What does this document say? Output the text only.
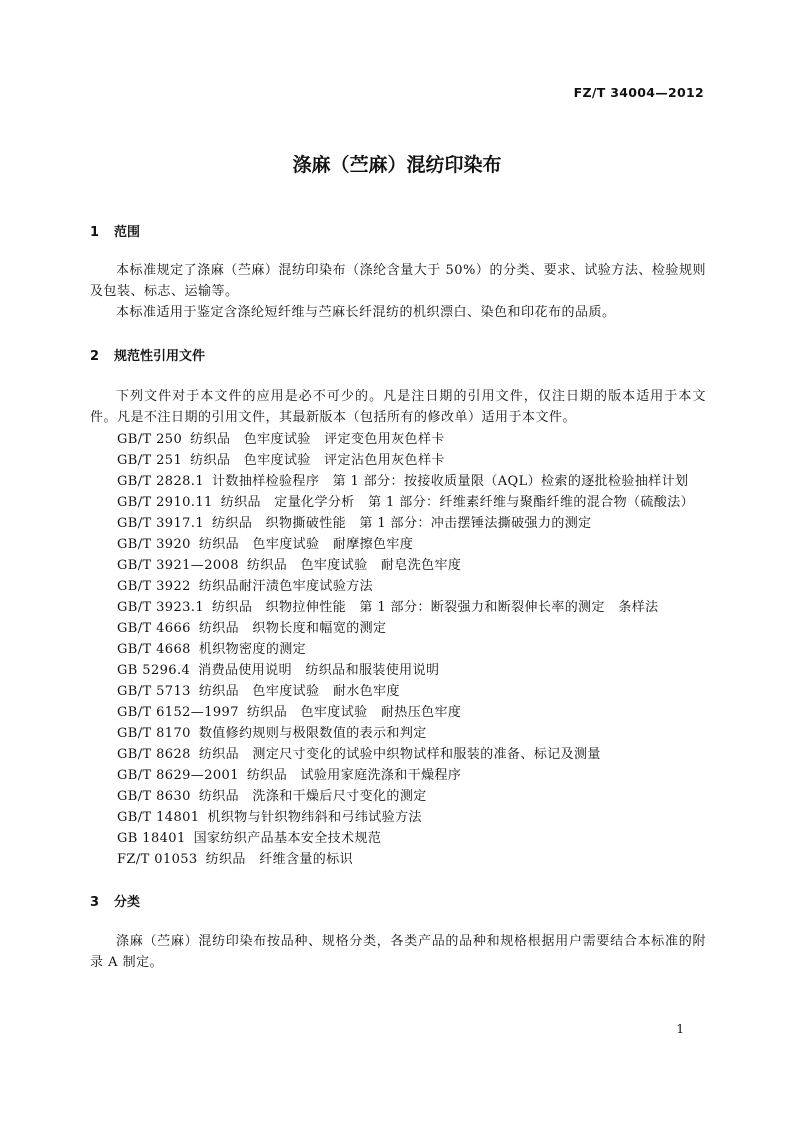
FZ/T 34004—2012
涤麻（苎麻）混纺印染布
1 范围

本标准规定了涤麻（苎麻）混纺印染布（涤纶含量大于 50%）的分类、要求、试验方法、检验规则及包装、标志、运输等。

本标准适用于鉴定含涤纶短纤维与苎麻长纤混纺的机织漂白、染色和印花布的品质。

2 规范性引用文件

下列文件对于本文件的应用是必不可少的。凡是注日期的引用文件，仅注日期的版本适用于本文件。凡是不注日期的引用文件，其最新版本（包括所有的修改单）适用于本文件。

GB/T 250 纺织品　色牢度试验　评定变色用灰色样卡
GB/T 251 纺织品　色牢度试验　评定沾色用灰色样卡
GB/T 2828.1 计数抽样检验程序　第 1 部分：按接收质量限（AQL）检索的逐批检验抽样计划
GB/T 2910.11 纺织品　定量化学分析　第 1 部分：纤维素纤维与聚酯纤维的混合物（硫酸法）
GB/T 3917.1 纺织品　织物撕破性能　第 1 部分：冲击摆锤法撕破强力的测定
GB/T 3920 纺织品　色牢度试验　耐摩擦色牢度
GB/T 3921—2008 纺织品　色牢度试验　耐皂洗色牢度
GB/T 3922 纺织品耐汗渍色牢度试验方法
GB/T 3923.1 纺织品　织物拉伸性能　第 1 部分：断裂强力和断裂伸长率的测定　条样法
GB/T 4666 纺织品　织物长度和幅宽的测定
GB/T 4668 机织物密度的测定
GB 5296.4 消费品使用说明　纺织品和服装使用说明
GB/T 5713 纺织品　色牢度试验　耐水色牢度
GB/T 6152—1997 纺织品　色牢度试验　耐热压色牢度
GB/T 8170 数值修约规则与极限数值的表示和判定
GB/T 8628 纺织品　测定尺寸变化的试验中织物试样和服装的准备、标记及测量
GB/T 8629—2001 纺织品　试验用家庭洗涤和干燥程序
GB/T 8630 纺织品　洗涤和干燥后尺寸变化的测定
GB/T 14801 机织物与针织物纬斜和弓纬试验方法
GB 18401 国家纺织产品基本安全技术规范
FZ/T 01053 纺织品　纤维含量的标识
3 分类

涤麻（苎麻）混纺印染布按品种、规格分类，各类产品的品种和规格根据用户需要结合本标准的附录 A 制定。

1
